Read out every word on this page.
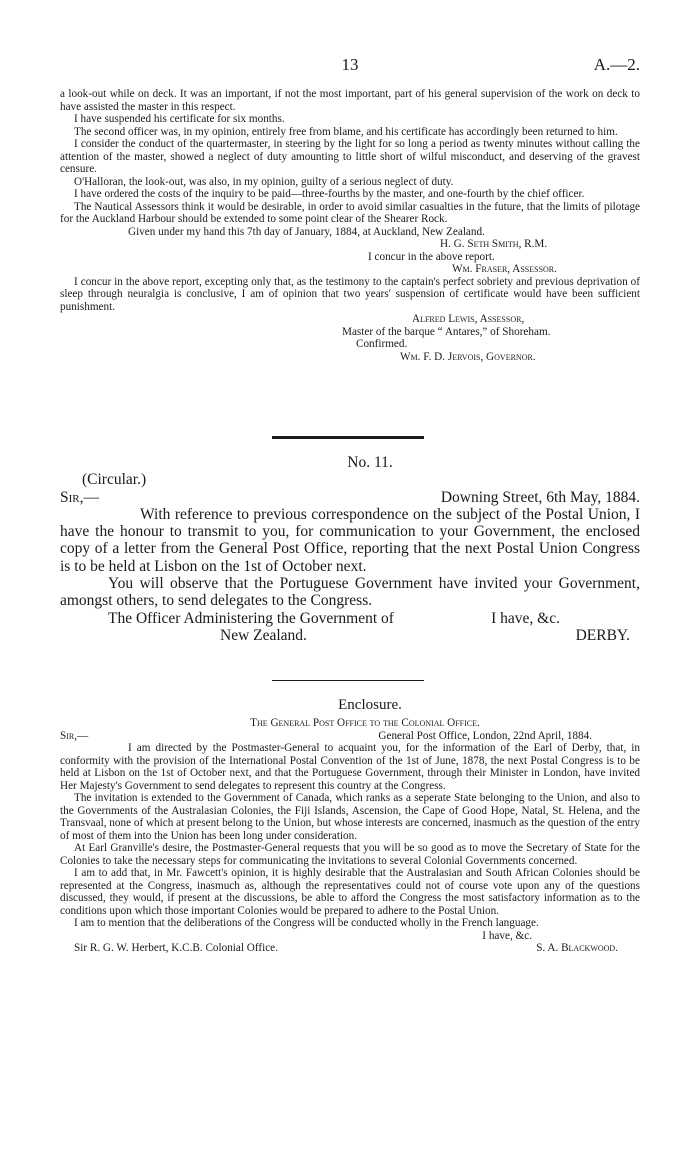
13	A.—2.

a look-out while on deck. It was an important, if not the most important, part of his general supervision of the work on deck to have assisted the master in this respect.

I have suspended his certificate for six months.

The second officer was, in my opinion, entirely free from blame, and his certificate has accordingly been returned to him.

I consider the conduct of the quartermaster, in steering by the light for so long a period as twenty minutes without calling the attention of the master, showed a neglect of duty amounting to little short of wilful misconduct, and deserving of the gravest censure.

O'Halloran, the look-out, was also, in my opinion, guilty of a serious neglect of duty.

I have ordered the costs of the inquiry to be paid—three-fourths by the master, and one-fourth by the chief officer.

The Nautical Assessors think it would be desirable, in order to avoid similar casualties in the future, that the limits of pilotage for the Auckland Harbour should be extended to some point clear of the Shearer Rock.

Given under my hand this 7th day of January, 1884, at Auckland, New Zealand.

H. G. Seth Smith, R.M.

I concur in the above report.

Wm. Fraser, Assessor.

I concur in the above report, excepting only that, as the testimony to the captain's perfect sobriety and previous deprivation of sleep through neuralgia is conclusive, I am of opinion that two years' suspension of certificate would have been sufficient punishment.

Alfred Lewis, Assessor,

Master of the barque “ Antares,” of Shoreham.

Confirmed.

Wm. F. D. Jervois, Governor.

No. 11.
(Circular.)
Sir,—	Downing Street, 6th May, 1884.

With reference to previous correspondence on the subject of the Postal Union, I have the honour to transmit to you, for communication to your Government, the enclosed copy of a letter from the General Post Office, reporting that the next Postal Union Congress is to be held at Lisbon on the 1st of October next.

You will observe that the Portuguese Government have invited your Government, amongst others, to send delegates to the Congress.

The Officer Administering the Government of	I have, &c.
New Zealand.	DERBY.
Enclosure.

The General Post Office to the Colonial Office.

Sir,—	General Post Office, London, 22nd April, 1884.

I am directed by the Postmaster-General to acquaint you, for the information of the Earl of Derby, that, in conformity with the provision of the International Postal Convention of the 1st of June, 1878, the next Postal Congress is to be held at Lisbon on the 1st of October next, and that the Portuguese Government, through their Minister in London, have invited Her Majesty's Government to send delegates to represent this country at the Congress.

The invitation is extended to the Government of Canada, which ranks as a seperate State belonging to the Union, and also to the Governments of the Australasian Colonies, the Fiji Islands, Ascension, the Cape of Good Hope, Natal, St. Helena, and the Transvaal, none of which at present belong to the Union, but whose interests are concerned, inasmuch as the question of the entry of most of them into the Union has been long under consideration.

At Earl Granville's desire, the Postmaster-General requests that you will be so good as to move the Secretary of State for the Colonies to take the necessary steps for communicating the invitations to several Colonial Governments concerned.

I am to add that, in Mr. Fawcett's opinion, it is highly desirable that the Australasian and South African Colonies should be represented at the Congress, inasmuch as, although the representatives could not of course vote upon any of the questions discussed, they would, if present at the discussions, be able to afford the Congress the most satisfactory information as to the conditions upon which those important Colonies would be prepared to adhere to the Postal Union.

I am to mention that the deliberations of the Congress will be conducted wholly in the French language.

I have, &c.
Sir R. G. W. Herbert, K.C.B. Colonial Office.	S. A. Blackwood.
